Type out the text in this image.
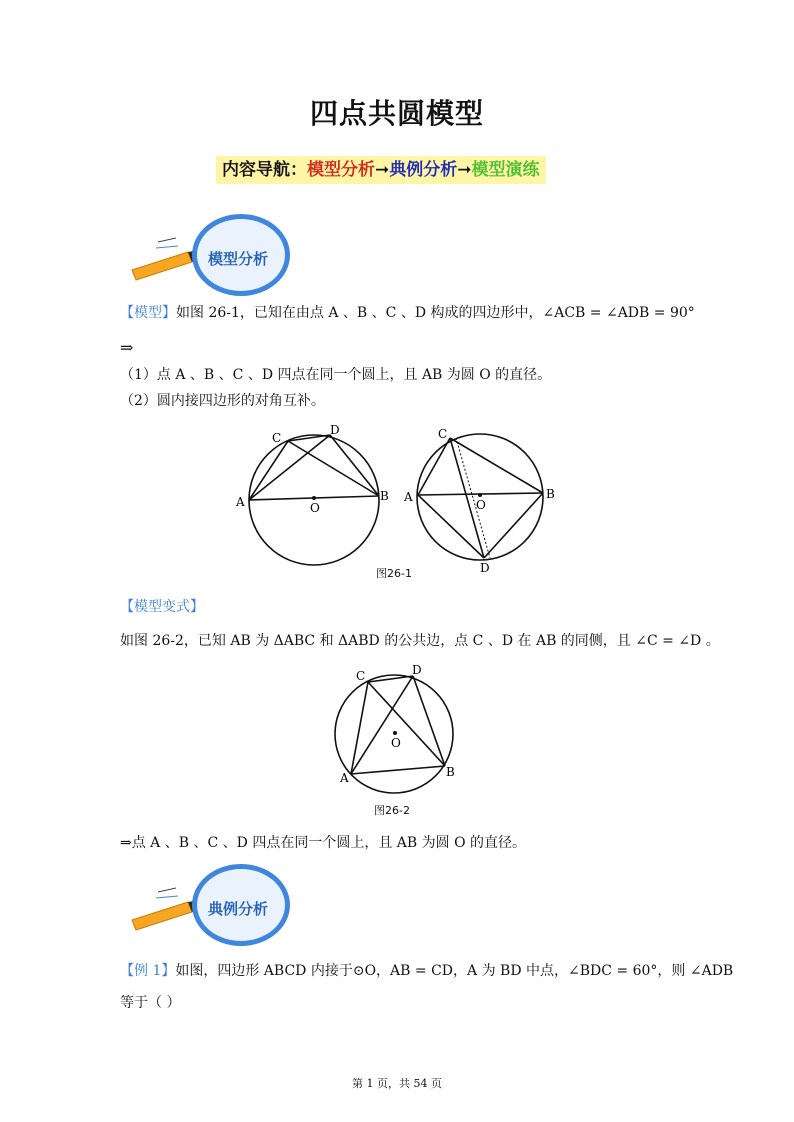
四点共圆模型
内容导航：模型分析➞典例分析➞模型演练
模型分析
【模型】如图 26-1，已知在由点 A 、B 、C 、D 构成的四边形中，∠ACB = ∠ADB = 90°
⇒
（1）点 A 、B 、C 、D 四点在同一个圆上，且 AB 为圆 O 的直径。
（2）圆内接四边形的对角互补。
A	B
C
D
O
A	B
C
D
O
图26-1
【模型变式】
如图 26-2，已知 AB 为 ΔABC 和 ΔABD 的公共边，点 C 、D 在 AB 的同侧，且 ∠C = ∠D 。
A	B
C	D
O
图26-2
⇒点 A 、B 、C 、D 四点在同一个圆上，且 AB 为圆 O 的直径。
典例分析
【例 1】如图，四边形 ABCD 内接于⊙O，AB = CD，A 为 BD 中点，∠BDC = 60°，则 ∠ADB
等于（ ）
第 1 页，共 54 页
